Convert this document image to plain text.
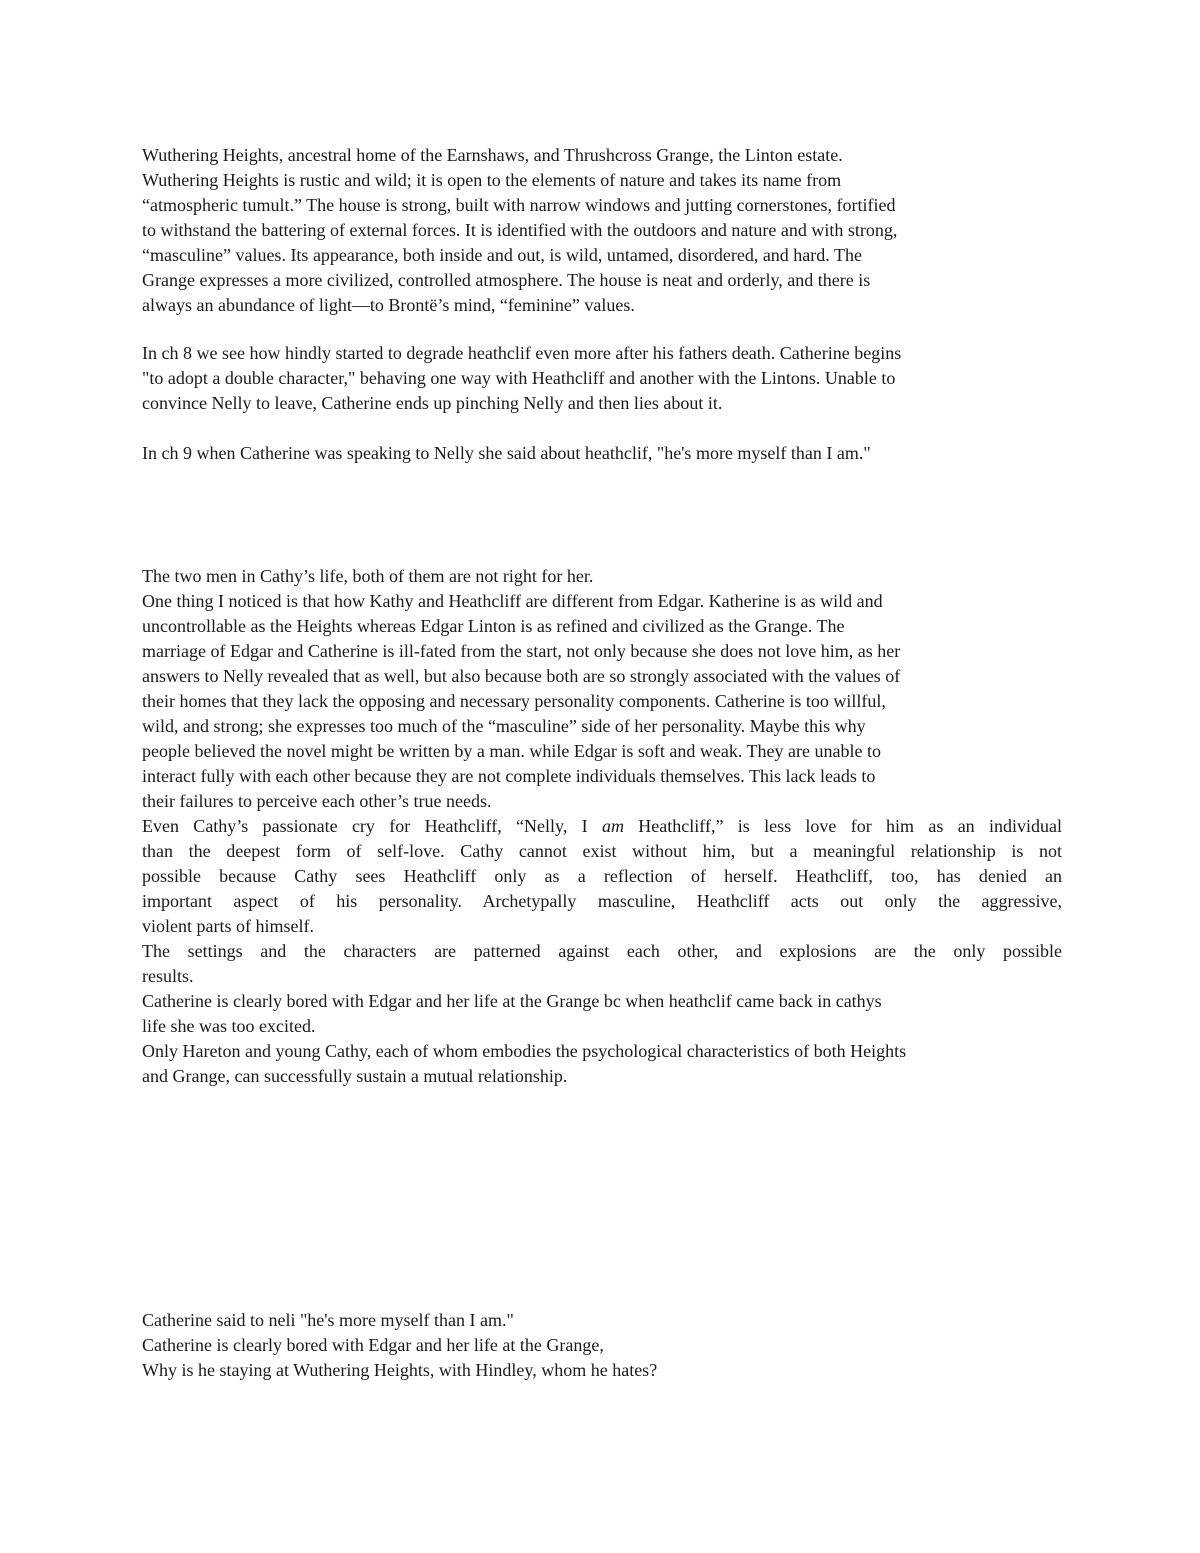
Wuthering Heights, ancestral home of the Earnshaws, and Thrushcross Grange, the Linton estate.
Wuthering Heights is rustic and wild; it is open to the elements of nature and takes its name from
“atmospheric tumult.” The house is strong, built with narrow windows and jutting cornerstones, fortified
to withstand the battering of external forces. It is identified with the outdoors and nature and with strong,
“masculine” values. Its appearance, both inside and out, is wild, untamed, disordered, and hard. The
Grange expresses a more civilized, controlled atmosphere. The house is neat and orderly, and there is
always an abundance of light—to Brontë’s mind, “feminine” values.
In ch 8 we see how hindly started to degrade heathclif even more after his fathers death. Catherine begins
"to adopt a double character," behaving one way with Heathcliff and another with the Lintons. Unable to
convince Nelly to leave, Catherine ends up pinching Nelly and then lies about it.
In ch 9 when Catherine was speaking to Nelly she said about heathclif, "he's more myself than I am."
The two men in Cathy’s life, both of them are not right for her.
One thing I noticed is that how Kathy and Heathcliff are different from Edgar. Katherine is as wild and
uncontrollable as the Heights whereas Edgar Linton is as refined and civilized as the Grange. The
marriage of Edgar and Catherine is ill-fated from the start, not only because she does not love him, as her
answers to Nelly revealed that as well, but also because both are so strongly associated with the values of
their homes that they lack the opposing and necessary personality components. Catherine is too willful,
wild, and strong; she expresses too much of the “masculine” side of her personality. Maybe this why
people believed the novel might be written by a man. while Edgar is soft and weak. They are unable to
interact fully with each other because they are not complete individuals themselves. This lack leads to
their failures to perceive each other’s true needs.
Even Cathy’s passionate cry for Heathcliff, “Nelly, I am Heathcliff,” is less love for him as an individual
than the deepest form of self-love. Cathy cannot exist without him, but a meaningful relationship is not
possible because Cathy sees Heathcliff only as a reflection of herself. Heathcliff, too, has denied an
important aspect of his personality. Archetypally masculine, Heathcliff acts out only the aggressive,
violent parts of himself.
The settings and the characters are patterned against each other, and explosions are the only possible
results.
Catherine is clearly bored with Edgar and her life at the Grange bc when heathclif came back in cathys
life she was too excited.
Only Hareton and young Cathy, each of whom embodies the psychological characteristics of both Heights
and Grange, can successfully sustain a mutual relationship.
Catherine said to neli "he's more myself than I am."
Catherine is clearly bored with Edgar and her life at the Grange,
Why is he staying at Wuthering Heights, with Hindley, whom he hates?
